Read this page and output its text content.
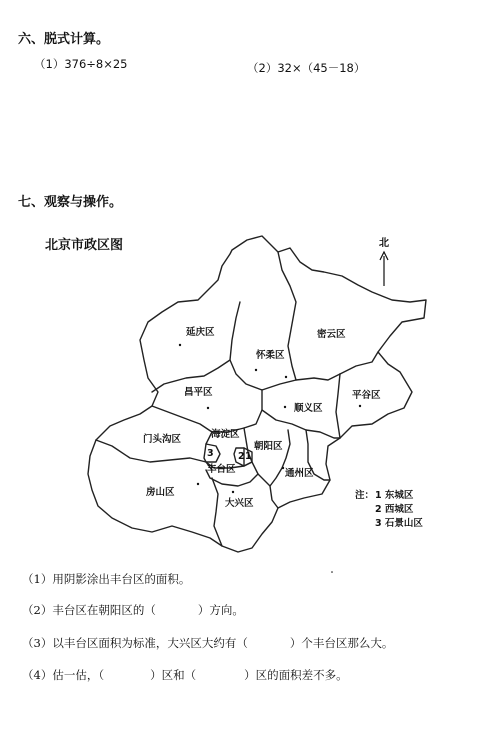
六、脱式计算。
（1）376÷8×25	（2）32×（45－18）
七、观察与操作。
北京市政区图
延庆区
怀柔区
密云区
昌平区
顺义区
平谷区
门头沟区	海淀区
朝阳区
通州区
丰台区
房山区
大兴区
3	2 1
北
注： 1 东城区
2 西城区
3 石景山区
（1）用阴影涂出丰台区的面积。
（2）丰台区在朝阳区的（	）方向。
（3）以丰台区面积为标准，大兴区大约有（	）个丰台区那么大。
（4）估一估，（	）区和（	）区的面积差不多。
